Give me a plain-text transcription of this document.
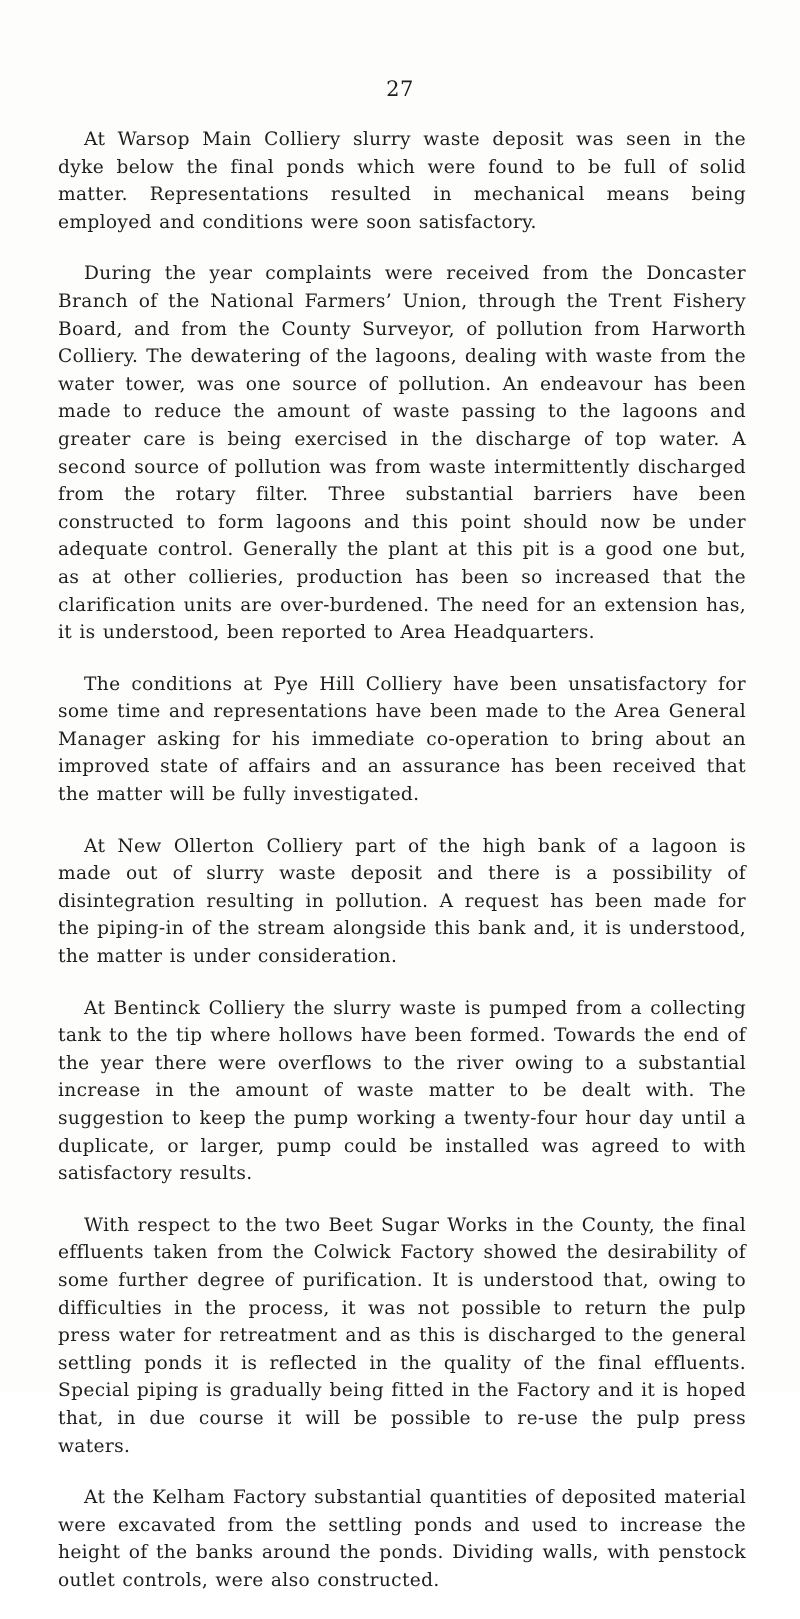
27

At Warsop Main Colliery slurry waste deposit was seen in the dyke below the final ponds which were found to be full of solid matter. Representations resulted in mechanical means being employed and conditions were soon satisfactory.

During the year complaints were received from the Doncaster Branch of the National Farmers’ Union, through the Trent Fishery Board, and from the County Surveyor, of pollution from Harworth Colliery. The dewatering of the lagoons, dealing with waste from the water tower, was one source of pollution. An endeavour has been made to reduce the amount of waste passing to the lagoons and greater care is being exercised in the discharge of top water. A second source of pollution was from waste intermittently discharged from the rotary filter. Three substantial barriers have been constructed to form lagoons and this point should now be under adequate control. Generally the plant at this pit is a good one but, as at other collieries, production has been so increased that the clarification units are over-burdened. The need for an extension has, it is understood, been reported to Area Headquarters.

The conditions at Pye Hill Colliery have been unsatisfactory for some time and representations have been made to the Area General Manager asking for his immediate co-operation to bring about an improved state of affairs and an assurance has been received that the matter will be fully investigated.

At New Ollerton Colliery part of the high bank of a lagoon is made out of slurry waste deposit and there is a possibility of disintegration resulting in pollution. A request has been made for the piping-in of the stream alongside this bank and, it is understood, the matter is under consideration.

At Bentinck Colliery the slurry waste is pumped from a collecting tank to the tip where hollows have been formed. Towards the end of the year there were overflows to the river owing to a substantial increase in the amount of waste matter to be dealt with. The suggestion to keep the pump working a twenty-four hour day until a duplicate, or larger, pump could be installed was agreed to with satisfactory results.

With respect to the two Beet Sugar Works in the County, the final effluents taken from the Colwick Factory showed the desirability of some further degree of purification. It is understood that, owing to difficulties in the process, it was not possible to return the pulp press water for retreatment and as this is discharged to the general settling ponds it is reflected in the quality of the final effluents. Special piping is gradually being fitted in the Factory and it is hoped that, in due course it will be possible to re-use the pulp press waters.

At the Kelham Factory substantial quantities of deposited material were excavated from the settling ponds and used to increase the height of the banks around the ponds. Dividing walls, with penstock outlet controls, were also constructed.
